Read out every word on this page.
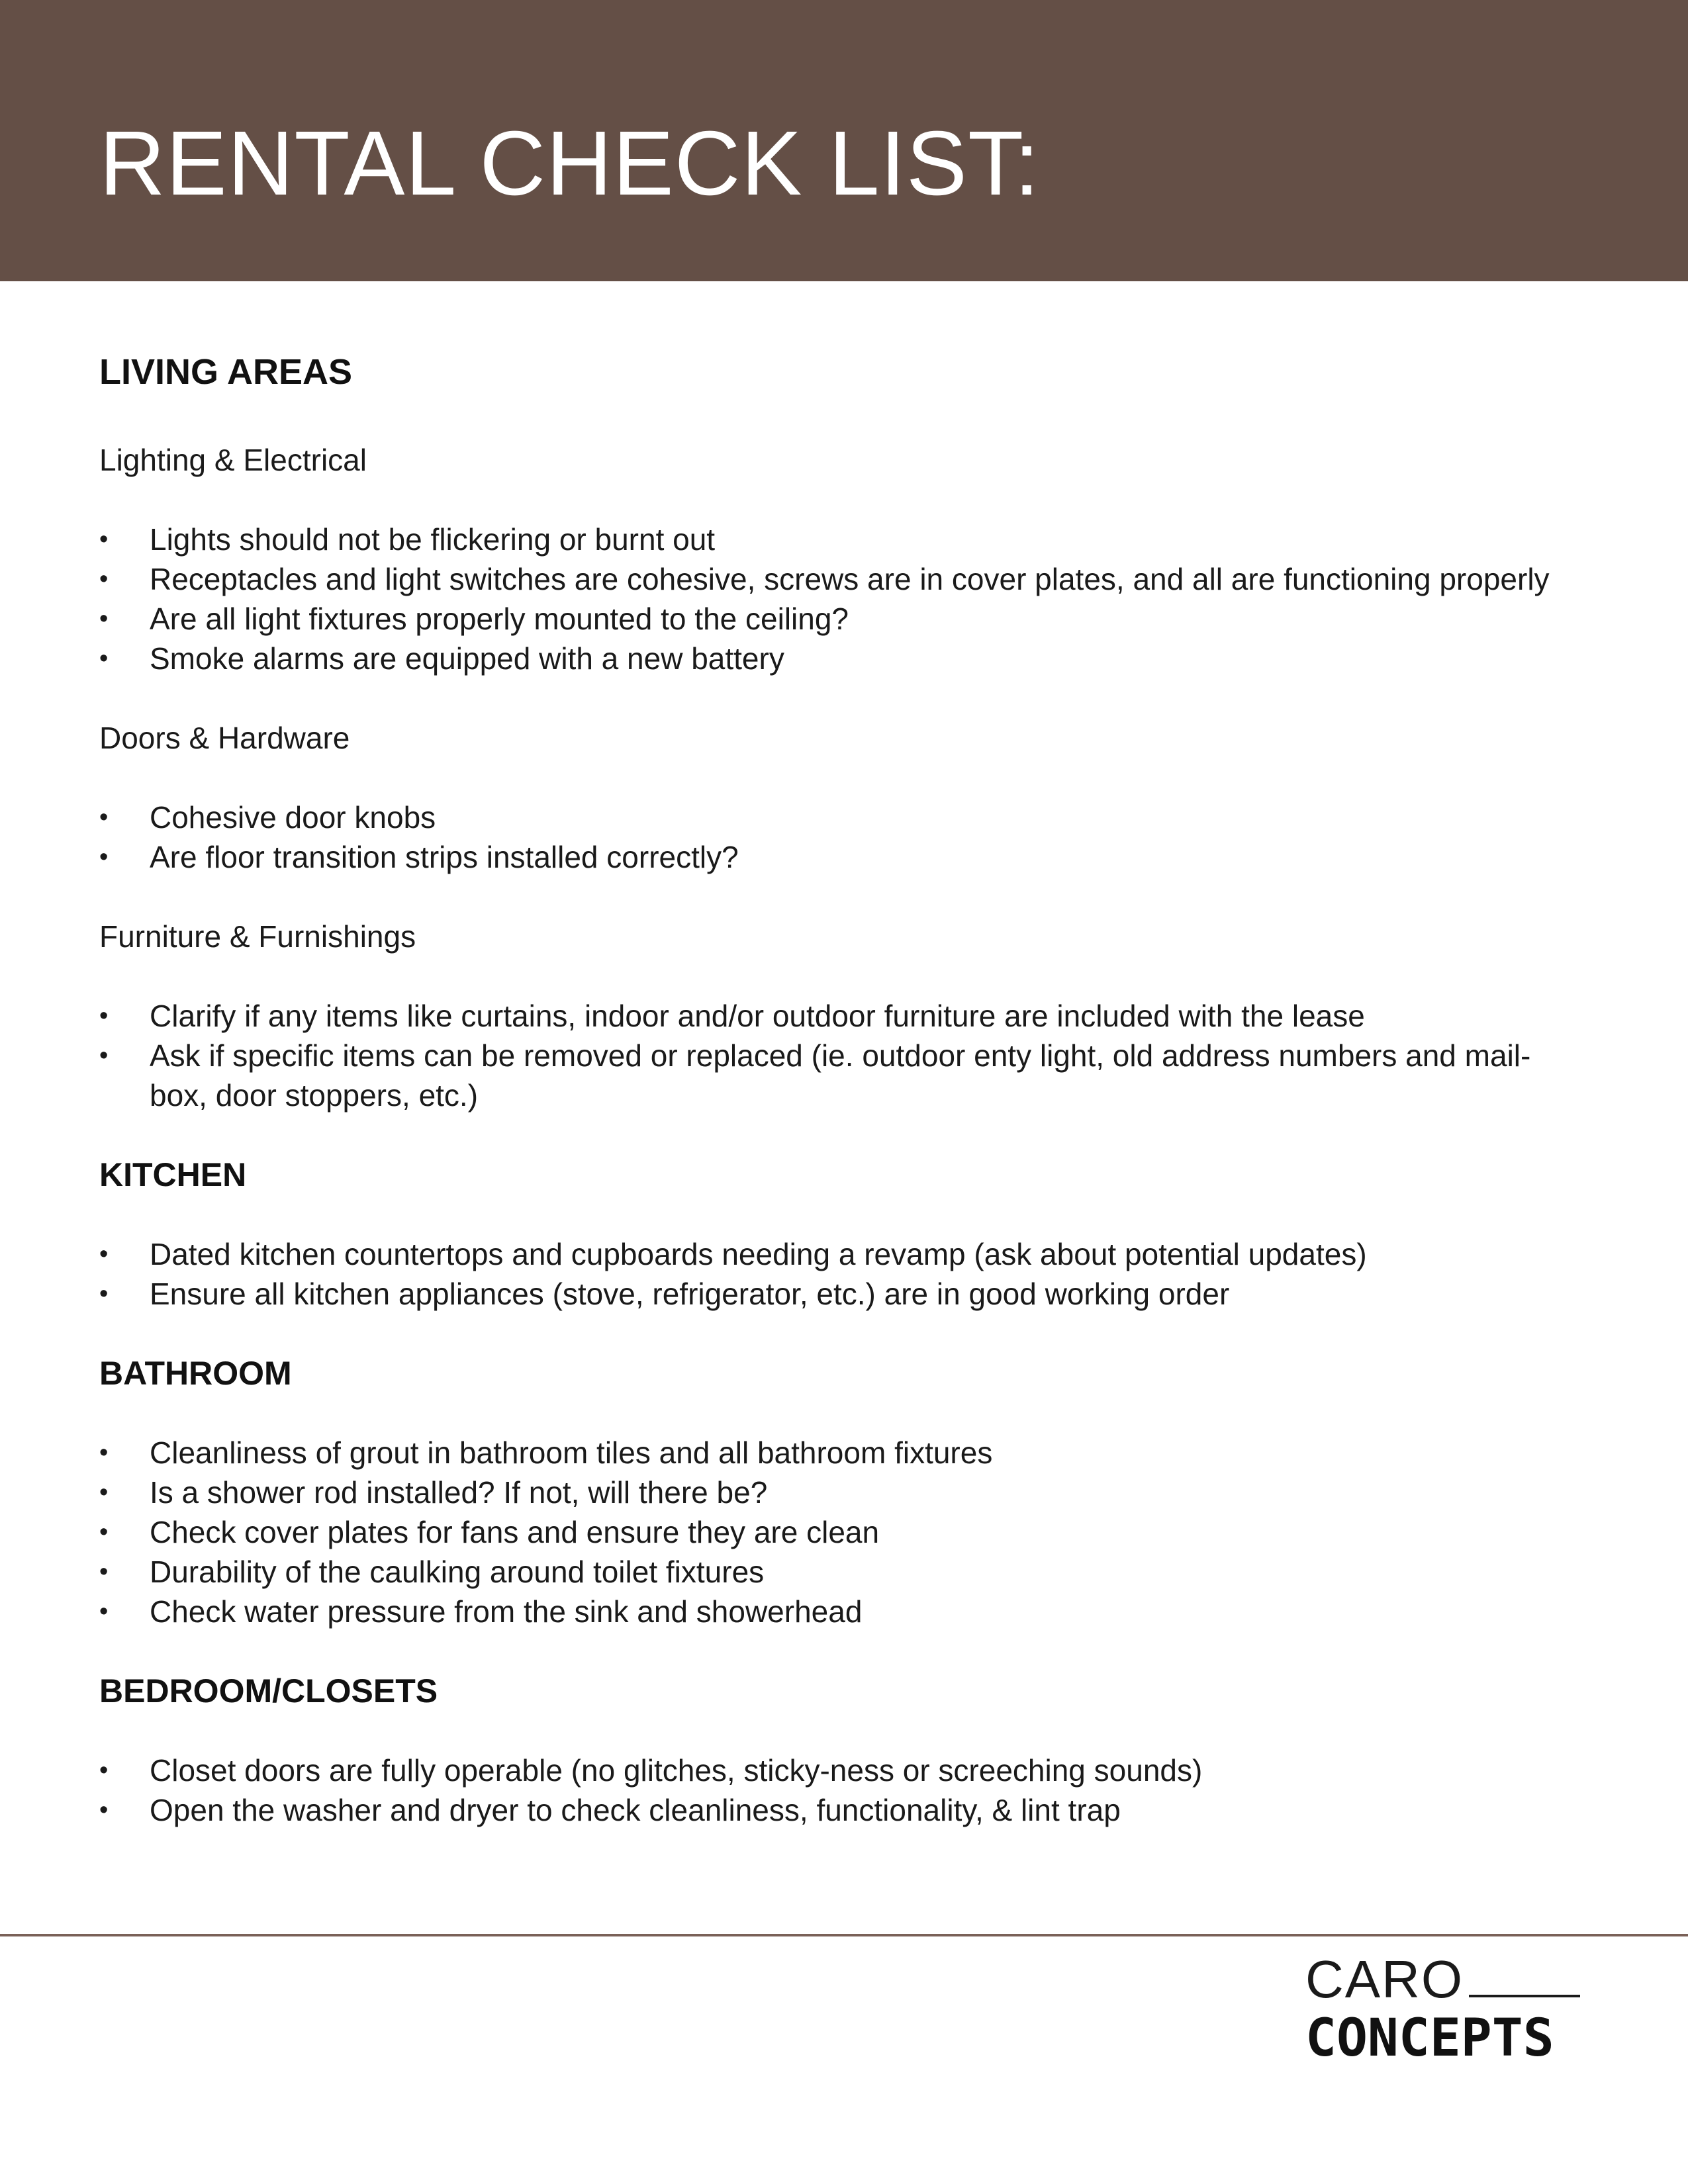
RENTAL CHECK LIST:
LIVING AREAS
Lighting & Electrical
• Lights should not be flickering or burnt out
• Receptacles and light switches are cohesive, screws are in cover plates, and all are functioning properly
• Are all light fixtures properly mounted to the ceiling?
• Smoke alarms are equipped with a new battery
Doors & Hardware
• Cohesive door knobs
• Are floor transition strips installed correctly?
Furniture & Furnishings
• Clarify if any items like curtains, indoor and/or outdoor furniture are included with the lease
• Ask if specific items can be removed or replaced (ie. outdoor enty light, old address numbers and mail-
box, door stoppers, etc.)
KITCHEN
• Dated kitchen countertops and cupboards needing a revamp (ask about potential updates)
• Ensure all kitchen appliances (stove, refrigerator, etc.) are in good working order
BATHROOM
• Cleanliness of grout in bathroom tiles and all bathroom fixtures
• Is a shower rod installed? If not, will there be?
• Check cover plates for fans and ensure they are clean
• Durability of the caulking around toilet fixtures
• Check water pressure from the sink and showerhead
BEDROOM/CLOSETS
• Closet doors are fully operable (no glitches, sticky-ness or screeching sounds)
• Open the washer and dryer to check cleanliness, functionality, & lint trap
CARO
CONCEPTS
